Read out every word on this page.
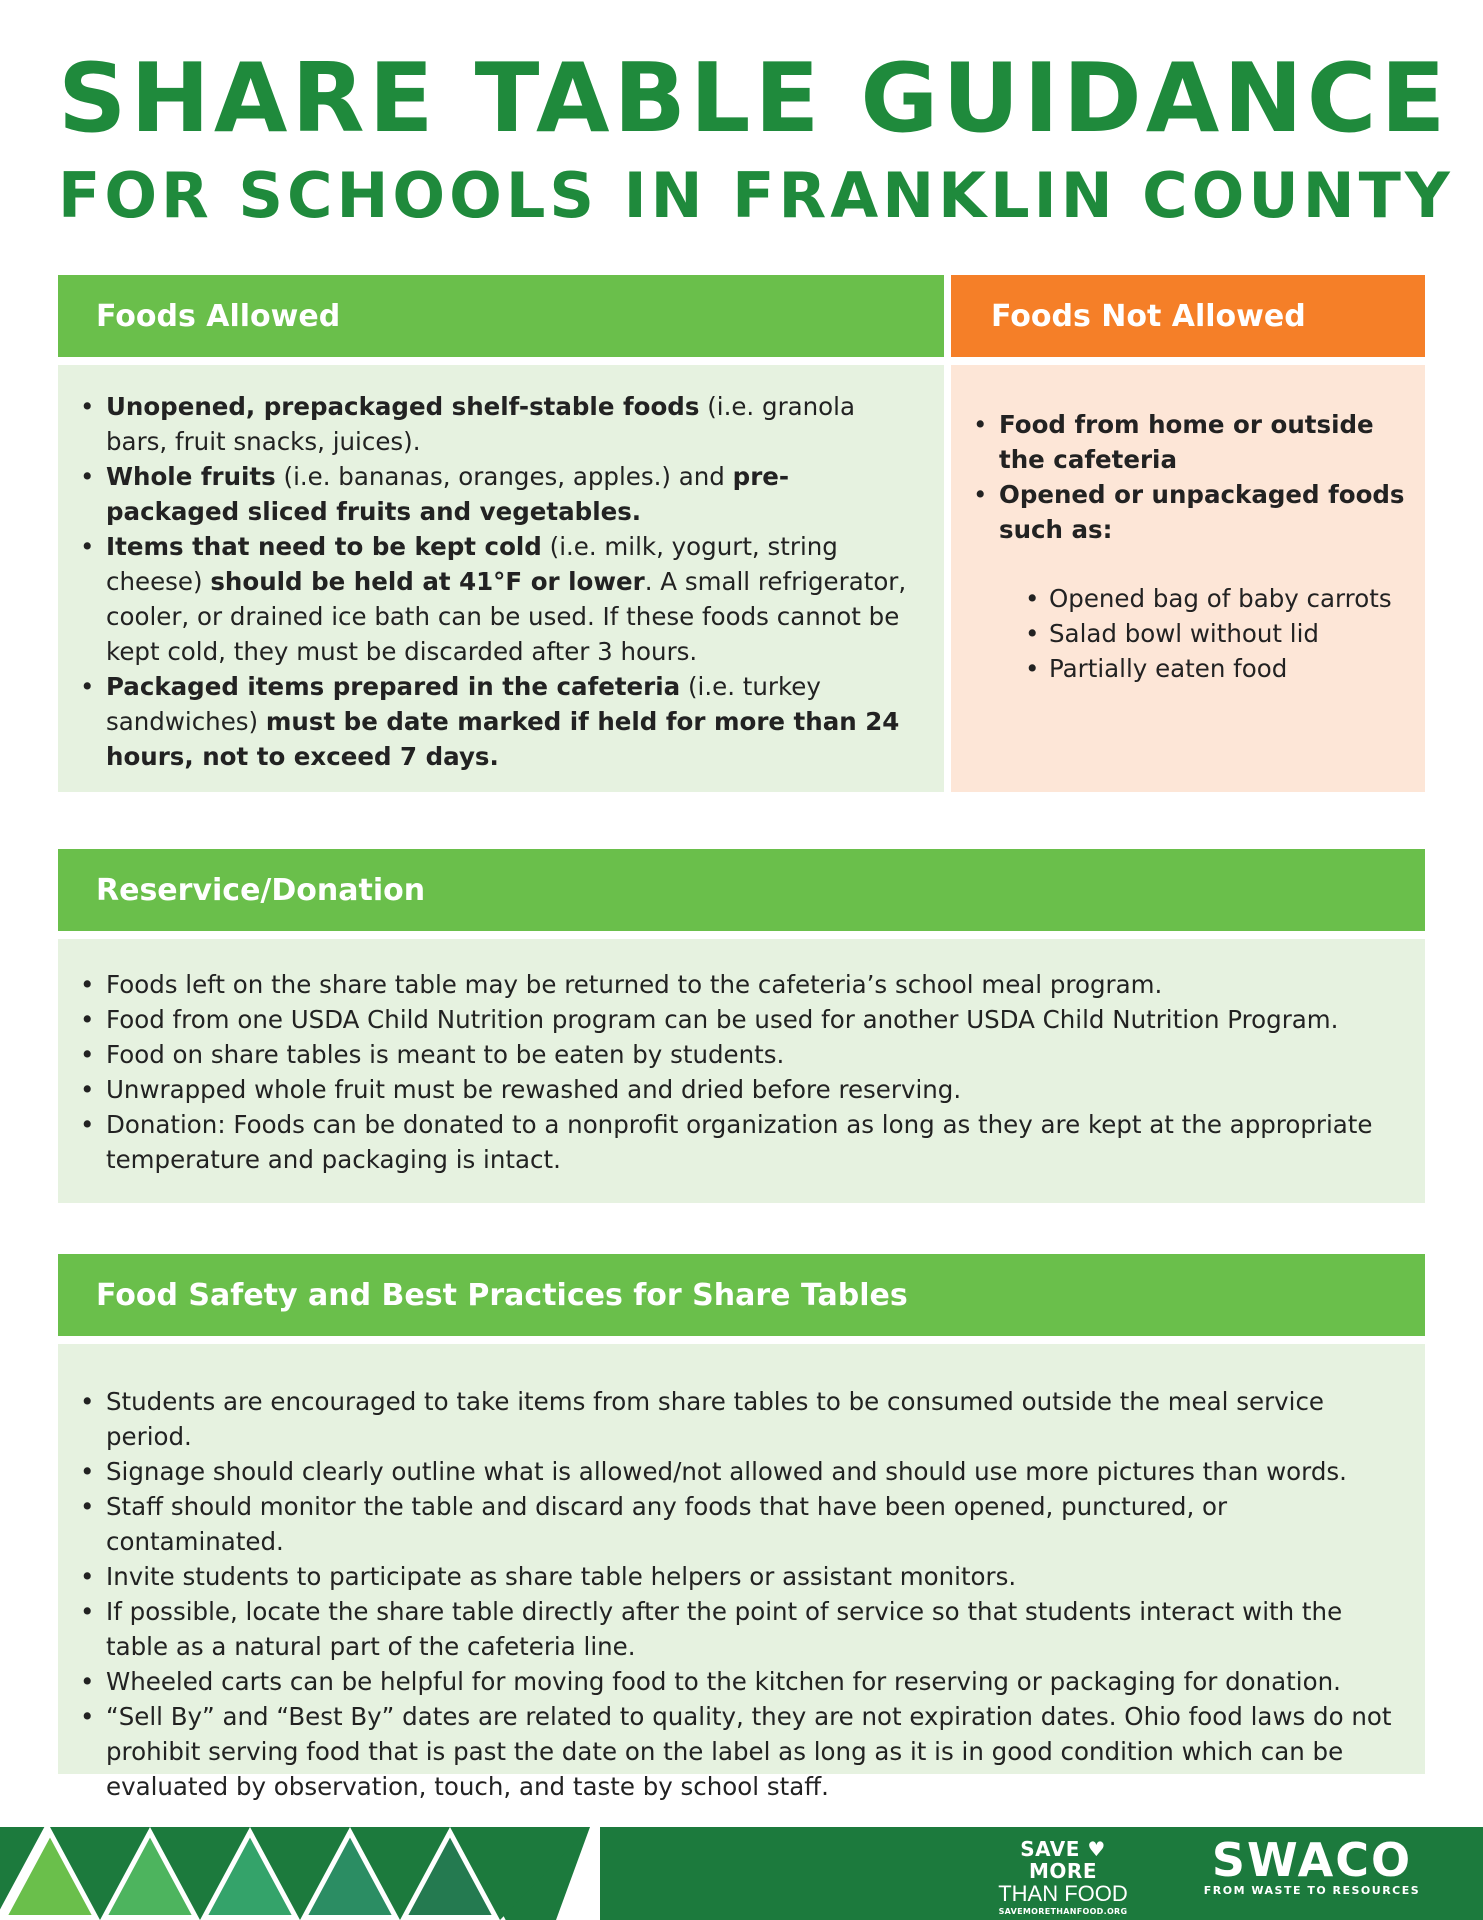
SHARE TABLE GUIDANCE
FOR SCHOOLS IN FRANKLIN COUNTY
Foods Allowed
• Unopened, prepackaged shelf-stable foods (i.e. granola bars, fruit snacks, juices).
• Whole fruits (i.e. bananas, oranges, apples.) and pre-packaged sliced fruits and vegetables.
• Items that need to be kept cold (i.e. milk, yogurt, string cheese) should be held at 41°F or lower. A small refrigerator, cooler, or drained ice bath can be used. If these foods cannot be kept cold, they must be discarded after 3 hours.
• Packaged items prepared in the cafeteria (i.e. turkey sandwiches) must be date marked if held for more than 24 hours, not to exceed 7 days.
Foods Not Allowed
• Food from home or outside the cafeteria
• Opened or unpackaged foods such as:
• Opened bag of baby carrots
• Salad bowl without lid
• Partially eaten food
Reservice/Donation
• Foods left on the share table may be returned to the cafeteria’s school meal program.
• Food from one USDA Child Nutrition program can be used for another USDA Child Nutrition Program.
• Food on share tables is meant to be eaten by students.
• Unwrapped whole fruit must be rewashed and dried before reserving.
• Donation: Foods can be donated to a nonprofit organization as long as they are kept at the appropriate temperature and packaging is intact.
Food Safety and Best Practices for Share Tables
• Students are encouraged to take items from share tables to be consumed outside the meal service period.
• Signage should clearly outline what is allowed/not allowed and should use more pictures than words.
• Staff should monitor the table and discard any foods that have been opened, punctured, or contaminated.
• Invite students to participate as share table helpers or assistant monitors.
• If possible, locate the share table directly after the point of service so that students interact with the table as a natural part of the cafeteria line.
• Wheeled carts can be helpful for moving food to the kitchen for reserving or packaging for donation.
• “Sell By” and “Best By” dates are related to quality, they are not expiration dates. Ohio food laws do not prohibit serving food that is past the date on the label as long as it is in good condition which can be evaluated by observation, touch, and taste by school staff.
SAVE ♥ MORE
THAN FOOD
SAVEMORETHANFOOD.ORG
SWACO
FROM WASTE TO RESOURCES
